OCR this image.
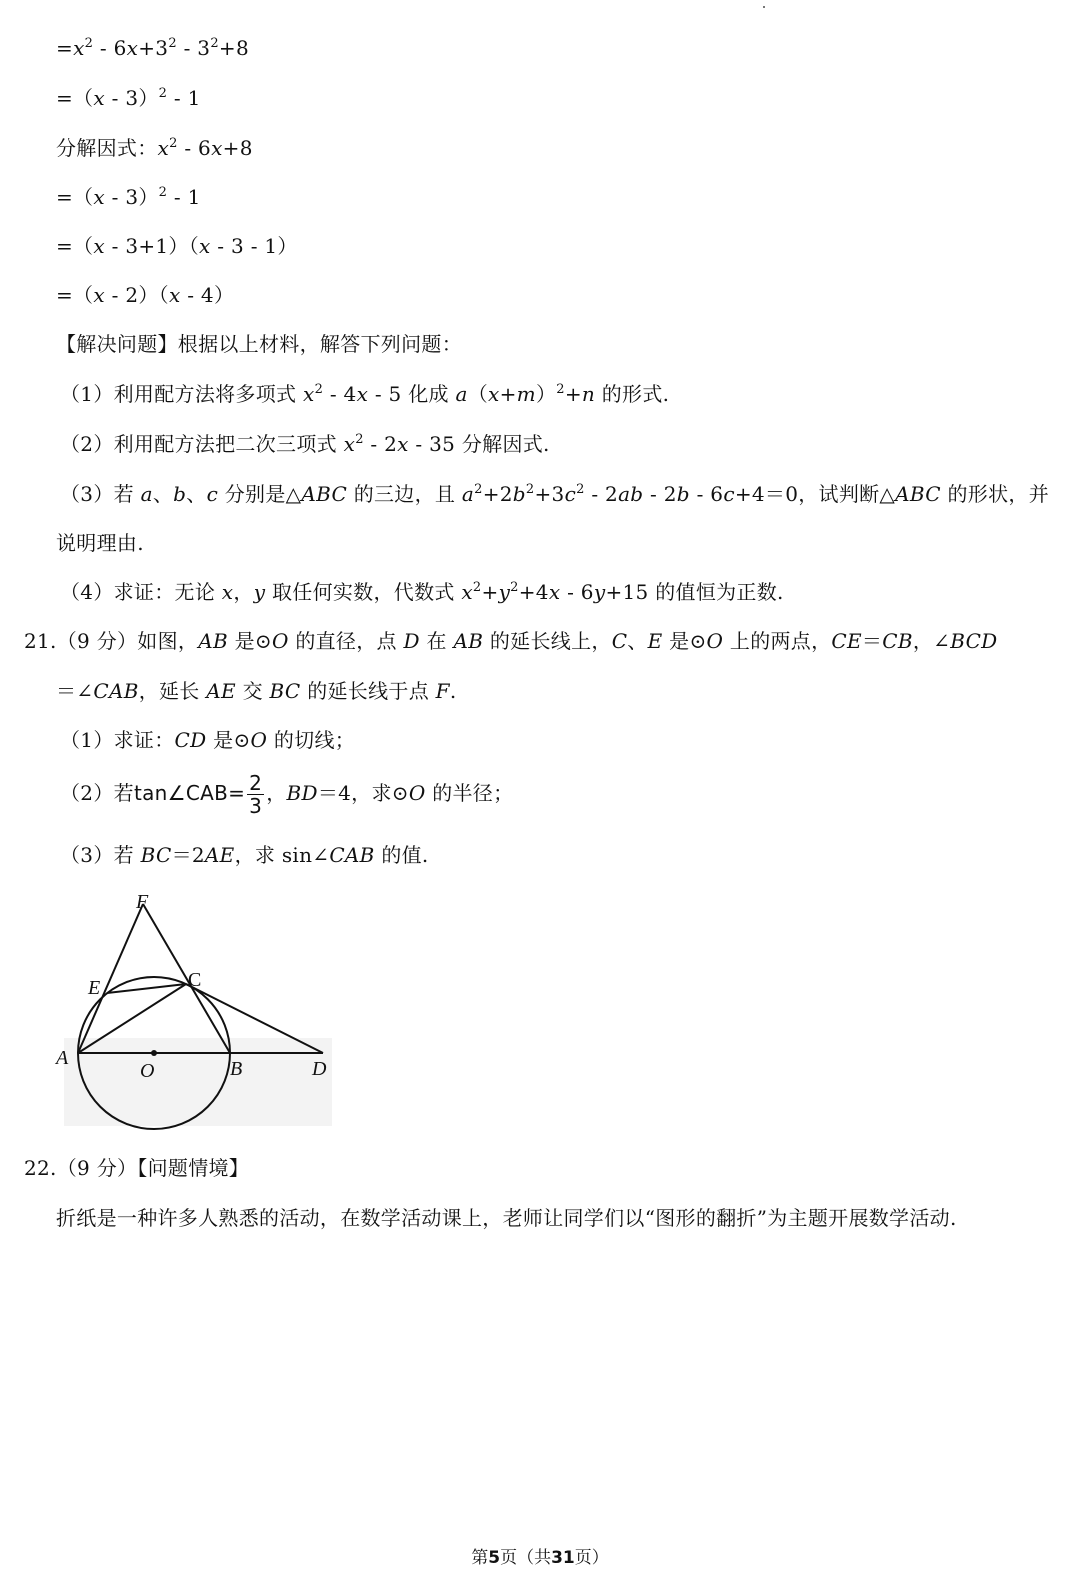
$=x^2 - 6x+3^2 - 3^2+8$
=（x - 3）$^2$ - 1
分解因式：$x^2 - 6x+8$
=（x - 3）$^2$ - 1
=（x - 3+1）（x - 3 - 1）
=（x - 2）（x - 4）
【解决问题】根据以上材料，解答下列问题：
（1）利用配方法将多项式 $x^2 - 4x - 5$ 化成 $a(x+m)^2+n$ 的形式.
（2）利用配方法把二次三项式 $x^2 - 2x - 35$ 分解因式.
（3）若 a、b、c 分别是△ABC 的三边，且 $a^2+2b^2+3c^2 - 2ab - 2b - 6c+4=0$，试判断△ABC 的形状，并
说明理由.
（4）求证：无论 x，y 取任何实数，代数式 $x^2+y^2+4x - 6y+15$ 的值恒为正数.
21.（9 分）如图，AB 是⊙O 的直径，点 D 在 AB 的延长线上，C、E 是⊙O 上的两点，CE＝CB，∠BCD
＝∠CAB，延长 AE 交 BC 的延长线于点 F.
（1）求证：CD 是⊙O 的切线；
（2）若tan∠CAB= $\frac{2}{3}$ ，BD＝4，求⊙O 的半径；
（3）若 BC＝2AE，求 sin∠CAB 的值.
F
E	C
A
O	B	D
22.（9 分）【问题情境】
折纸是一种许多人熟悉的活动，在数学活动课上，老师让同学们以“图形的翻折”为主题开展数学活动.
第5页（共31页）
